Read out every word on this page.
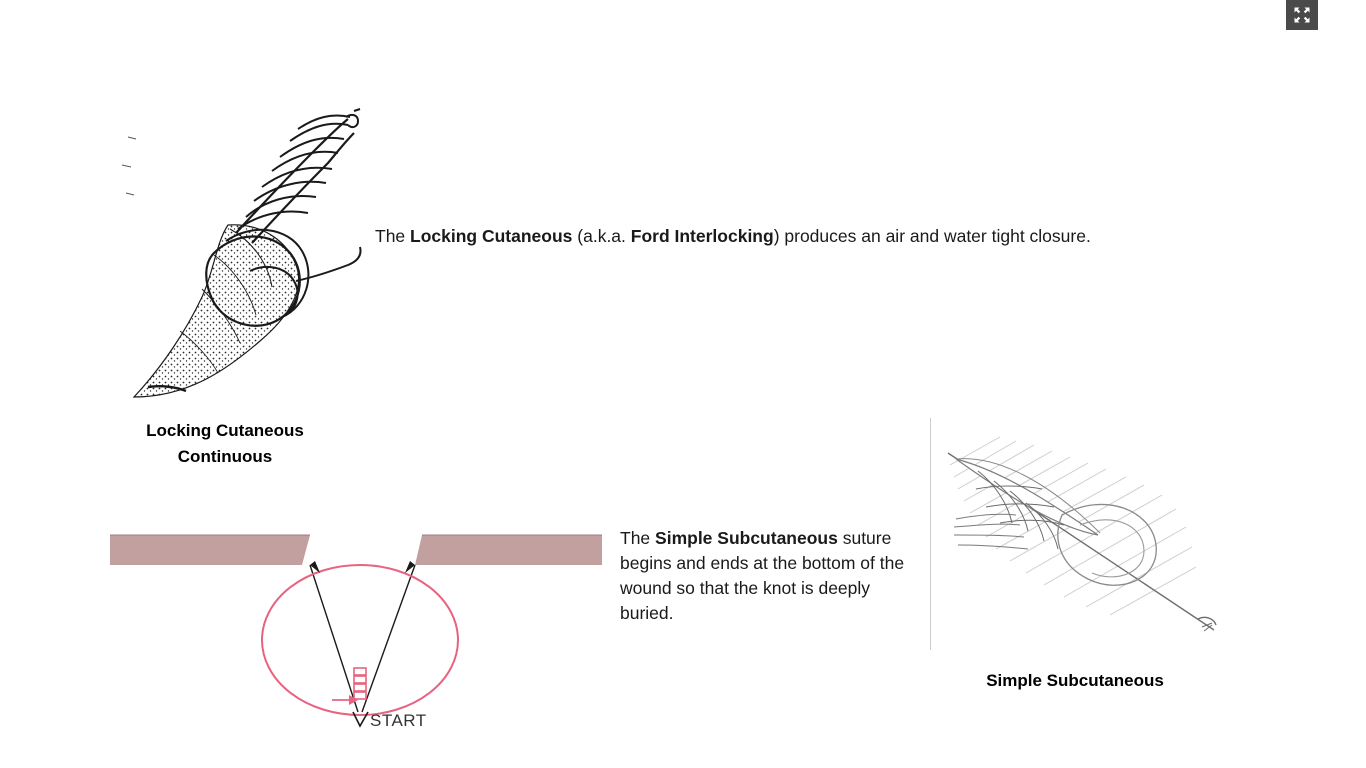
Locking Cutaneous
Continuous
The Locking Cutaneous (a.k.a. Ford Interlocking) produces an air and water tight closure.
START
The Simple Subcutaneous suture begins and ends at the bottom of the wound so that the knot is deeply buried.
Simple Subcutaneous
